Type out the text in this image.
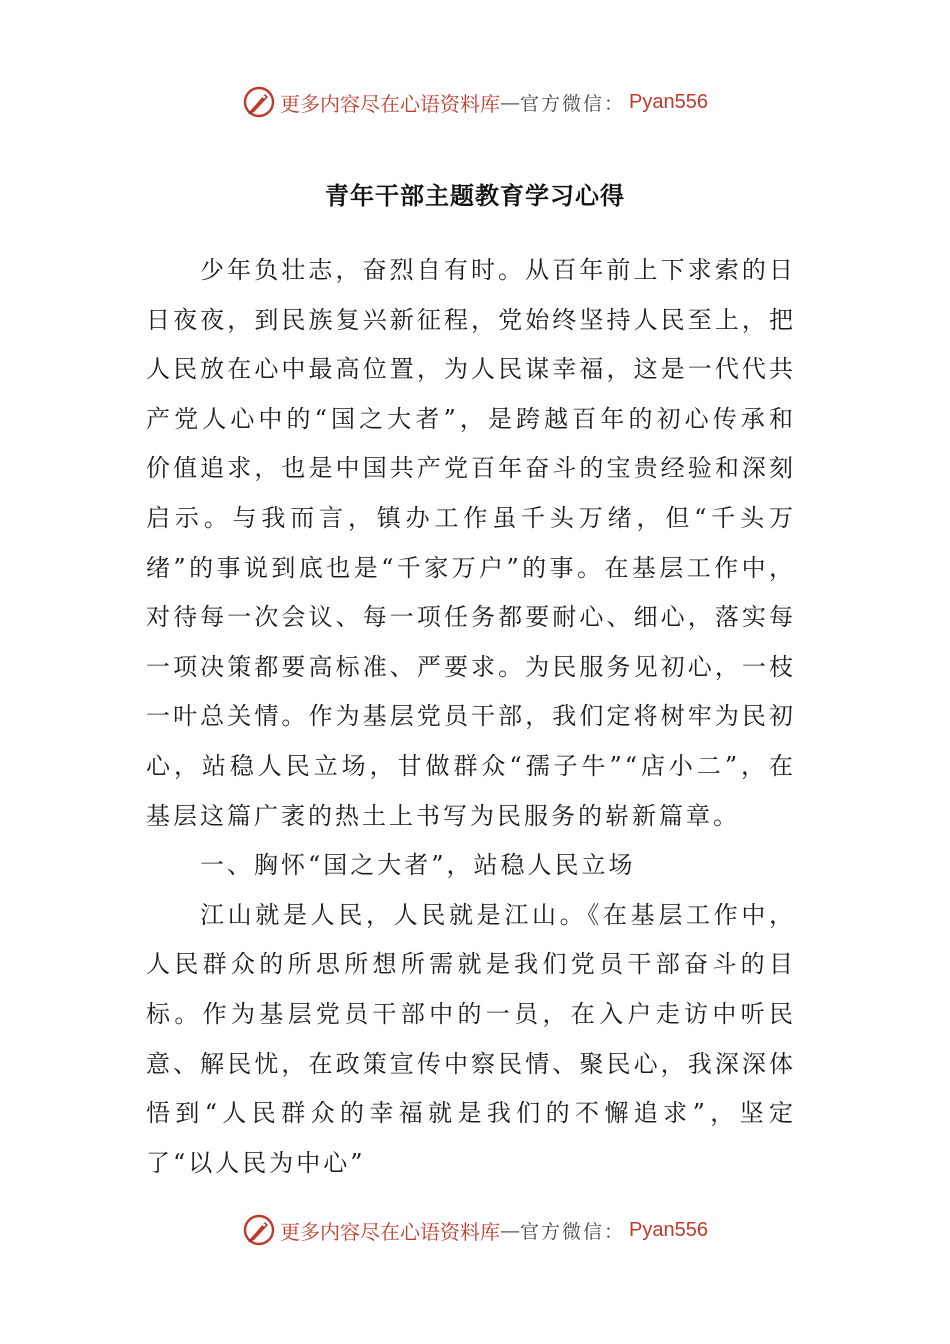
更多内容尽在心语资料库 — 官方微信： Pyan556
青年干部主题教育学习心得

少年负壮志，奋烈自有时。从百年前上下求索的日日夜夜，到民族复兴新征程，党始终坚持人民至上，把人民放在心中最高位置，为人民谋幸福，这是一代代共产党人心中的“国之大者”，是跨越百年的初心传承和价值追求，也是中国共产党百年奋斗的宝贵经验和深刻启示。与我而言，镇办工作虽千头万绪，但“千头万绪”的事说到底也是“千家万户”的事。在基层工作中，对待每一次会议、每一项任务都要耐心、细心，落实每一项决策都要高标准、严要求。为民服务见初心，一枝一叶总关情。作为基层党员干部，我们定将树牢为民初心，站稳人民立场，甘做群众“孺子牛”“店小二”，在基层这篇广袤的热土上书写为民服务的崭新篇章。

一、胸怀“国之大者”，站稳人民立场

江山就是人民，人民就是江山。《在基层工作中，人民群众的所思所想所需就是我们党员干部奋斗的目标。作为基层党员干部中的一员，在入户走访中听民意、解民忧，在政策宣传中察民情、聚民心，我深深体悟到“人民群众的幸福就是我们的不懈追求”，坚定了“以人民为中心”

更多内容尽在心语资料库 — 官方微信： Pyan556
